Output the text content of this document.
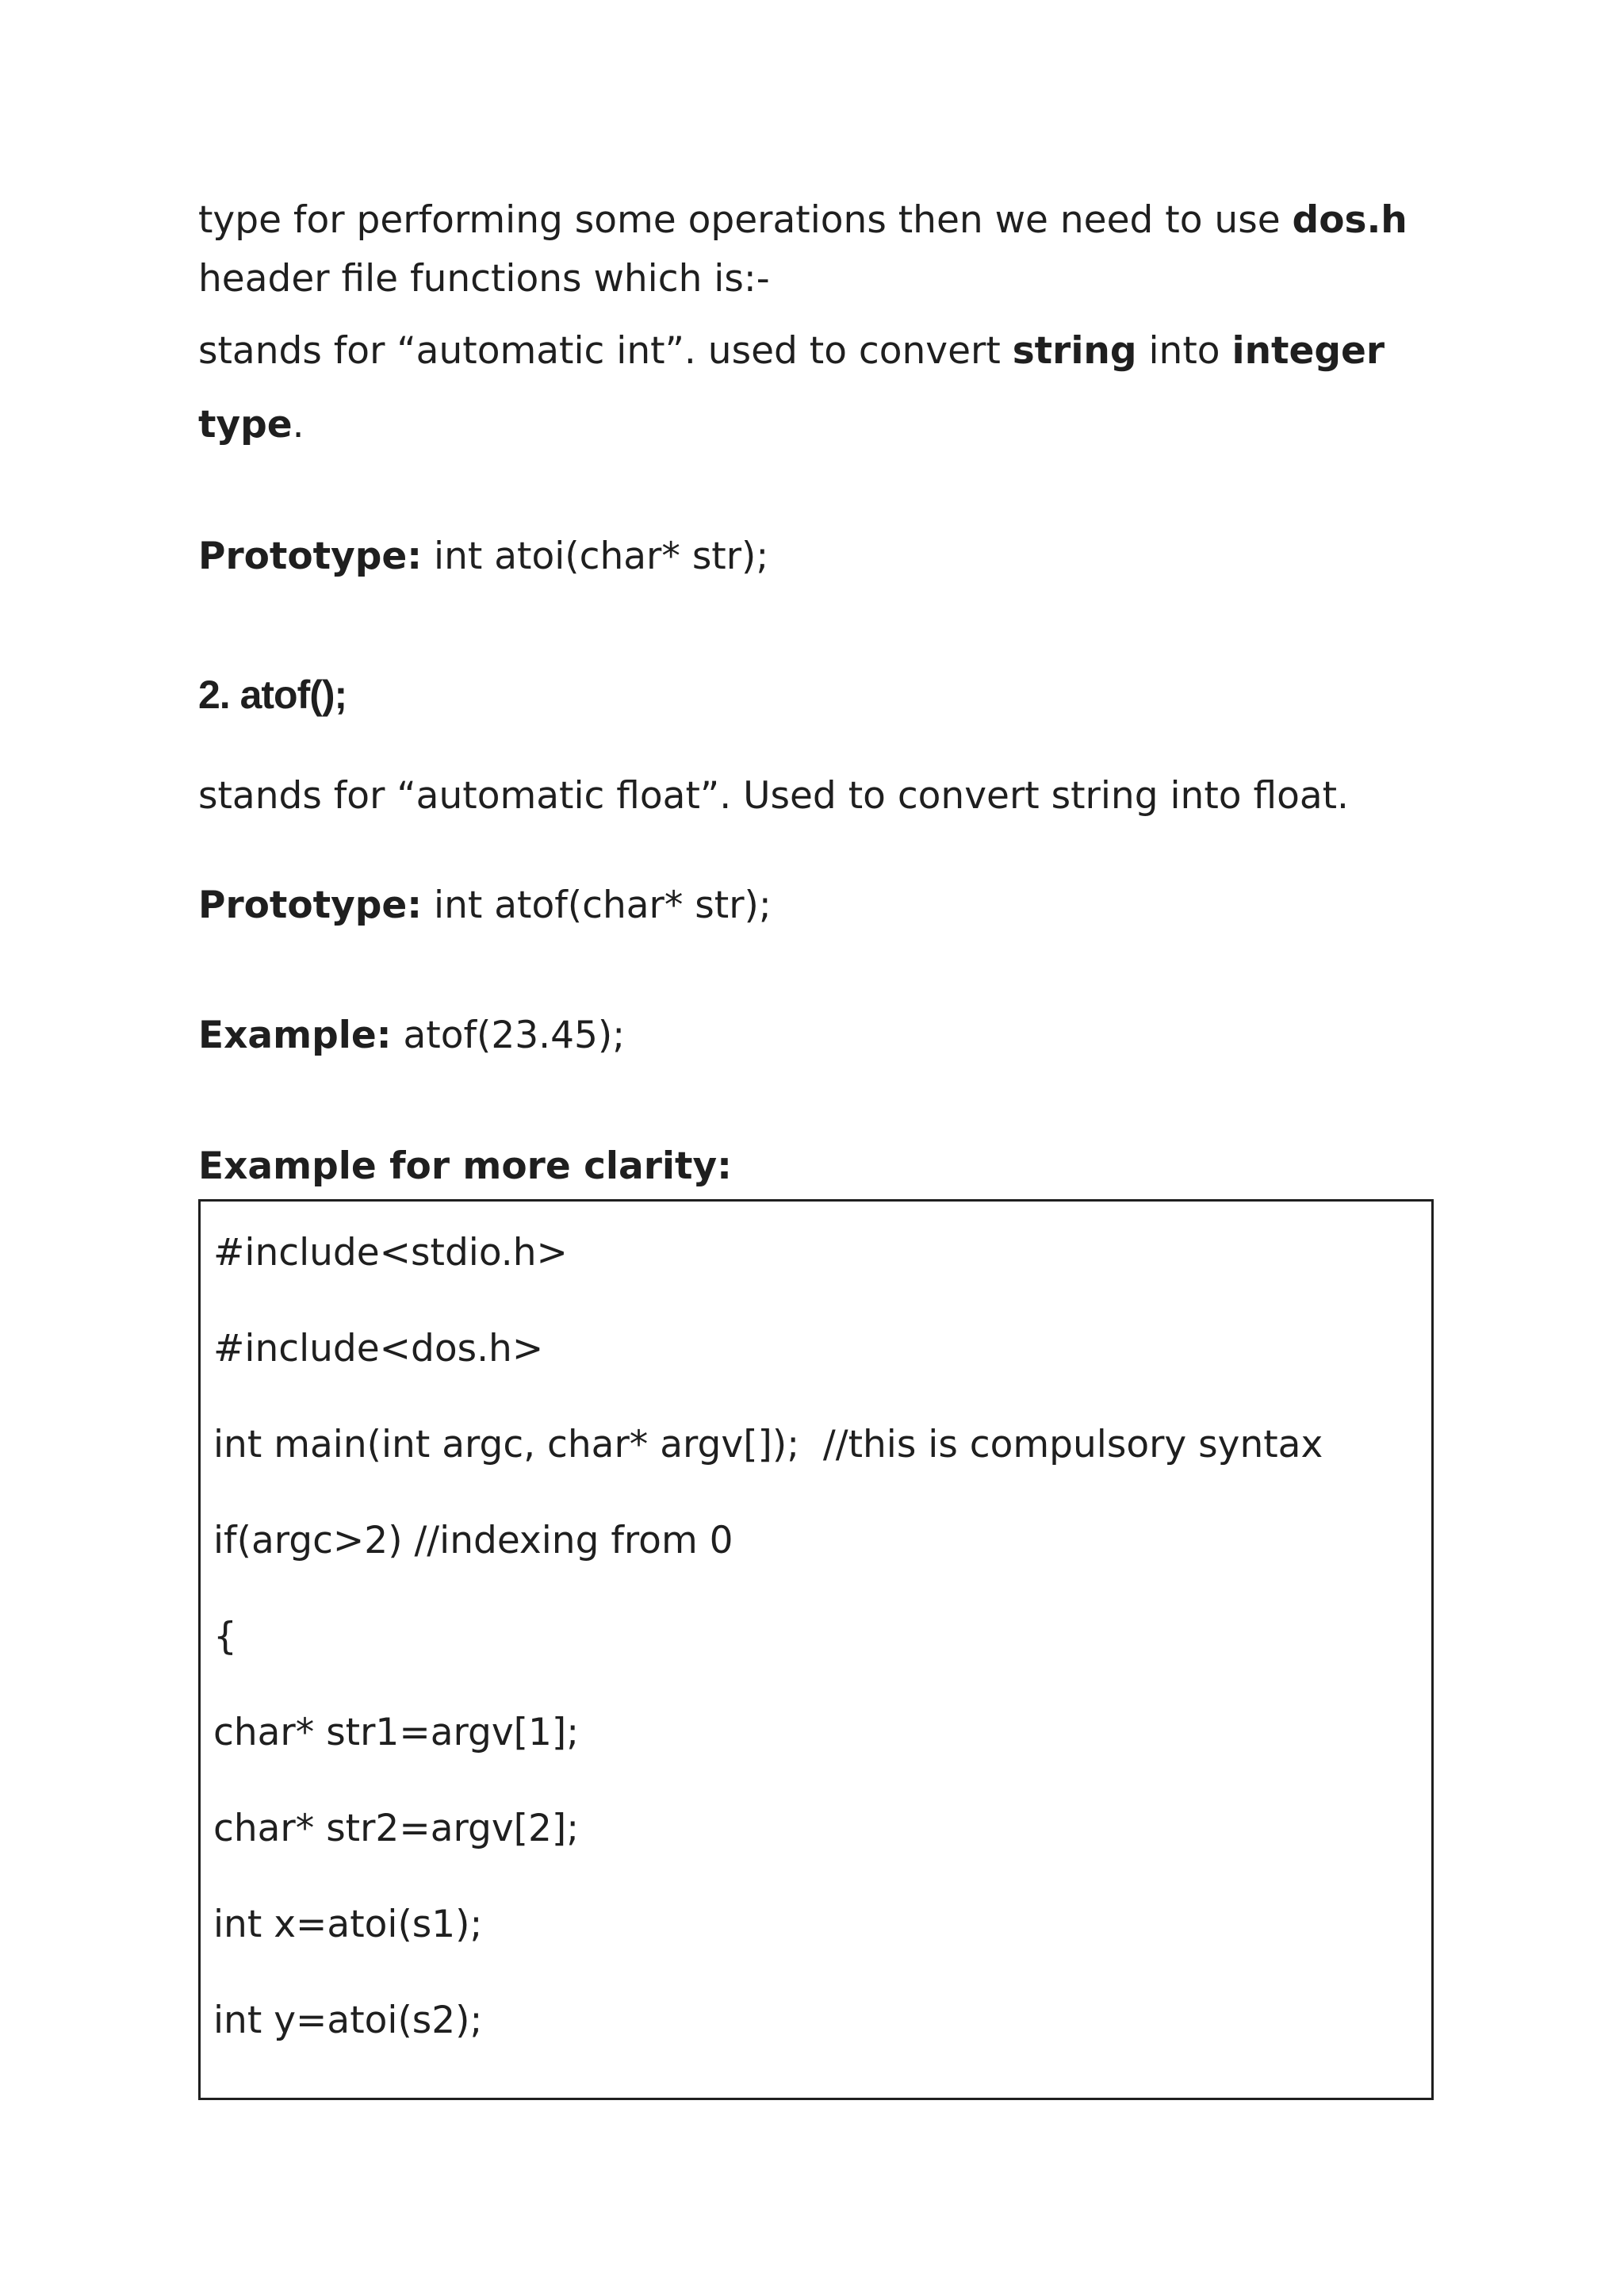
type for performing some operations then we need to use dos.h
header file functions which is:-
stands for “automatic int”. used to convert string into integer
type.
Prototype: int atoi(char* str);
2. atof();
stands for “automatic float”. Used to convert string into float.
Prototype: int atof(char* str);
Example: atof(23.45);
Example for more clarity:
#include<stdio.h>
#include<dos.h>
int main(int argc, char* argv[]);  //this is compulsory syntax
if(argc>2) //indexing from 0
{
char* str1=argv[1];
char* str2=argv[2];
int x=atoi(s1);
int y=atoi(s2);
